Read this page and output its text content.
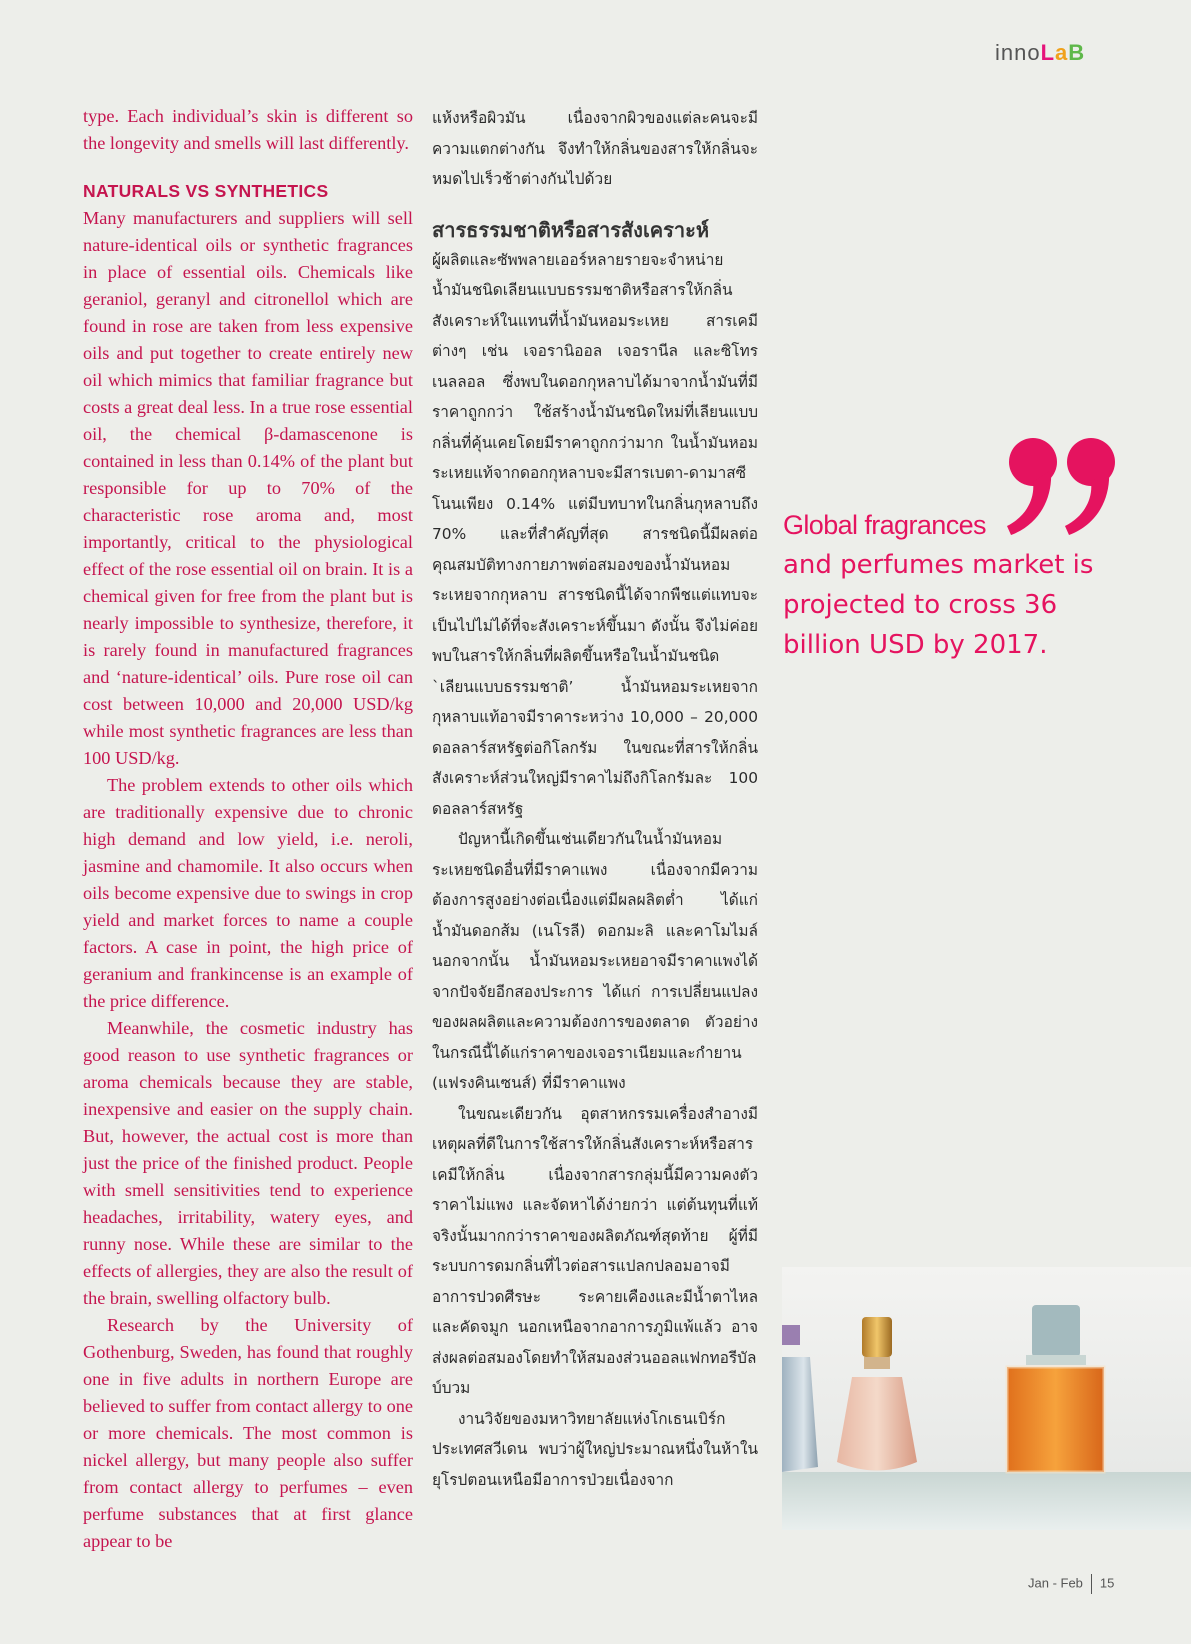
innoLaB

type. Each individual’s skin is different so the longevity and smells will last differently.

NATURALS VS SYNTHETICS

Many manufacturers and suppliers will sell nature-identical oils or synthetic fragrances in place of essential oils. Chemicals like geraniol, geranyl and citronellol which are found in rose are taken from less expensive oils and put together to create entirely new oil which mimics that familiar fragrance but costs a great deal less. In a true rose essential oil, the chemical β-damascenone is contained in less than 0.14% of the plant but responsible for up to 70% of the characteristic rose aroma and, most importantly, critical to the physiological effect of the rose essential oil on brain. It is a chemical given for free from the plant but is nearly impossible to synthesize, therefore, it is rarely found in manufactured fragrances and ‘nature-identical’ oils. Pure rose oil can cost between 10,000 and 20,000 USD/kg while most synthetic fragrances are less than 100 USD/kg.

The problem extends to other oils which are traditionally expensive due to chronic high demand and low yield, i.e. neroli, jasmine and chamomile. It also occurs when oils become expensive due to swings in crop yield and market forces to name a couple factors. A case in point, the high price of geranium and frankincense is an example of the price difference.

Meanwhile, the cosmetic industry has good reason to use synthetic fragrances or aroma chemicals because they are stable, inexpensive and easier on the supply chain. But, however, the actual cost is more than just the price of the finished product. People with smell sensitivities tend to experience headaches, irritability, watery eyes, and runny nose. While these are similar to the effects of allergies, they are also the result of the brain, swelling olfactory bulb.

Research by the University of Gothenburg, Sweden, has found that roughly one in five adults in northern Europe are believed to suffer from contact allergy to one or more chemicals. The most common is nickel allergy, but many people also suffer from contact allergy to perfumes – even perfume substances that at first glance appear to be

แห้งหรือผิวมัน เนื่องจากผิวของแต่ละคนจะมีความแตกต่างกัน จึงทำให้กลิ่นของสารให้กลิ่นจะหมดไปเร็วช้าต่างกันไปด้วย

สารธรรมชาติหรือสารสังเคราะห์

ผู้ผลิตและซัพพลายเออร์หลายรายจะจำหน่ายน้ำมันชนิดเลียนแบบธรรมชาติหรือสารให้กลิ่นสังเคราะห์ในแทนที่น้ำมันหอมระเหย สารเคมีต่างๆ เช่น เจอรานิออล เจอรานีล และซิโทรเนลลอล ซึ่งพบในดอกกุหลาบได้มาจากน้ำมันที่มีราคาถูกกว่า ใช้สร้างน้ำมันชนิดใหม่ที่เลียนแบบกลิ่นที่คุ้นเคยโดยมีราคาถูกกว่ามาก ในน้ำมันหอมระเหยแท้จากดอกกุหลาบจะมีสารเบตา-ดามาสซีโนนเพียง 0.14% แต่มีบทบาทในกลิ่นกุหลาบถึง 70% และที่สำคัญที่สุด สารชนิดนี้มีผลต่อคุณสมบัติทางกายภาพต่อสมองของน้ำมันหอมระเหยจากกุหลาบ สารชนิดนี้ได้จากพืชแต่แทบจะเป็นไปไม่ได้ที่จะสังเคราะห์ขึ้นมา ดังนั้น จึงไม่ค่อยพบในสารให้กลิ่นที่ผลิตขึ้นหรือในน้ำมันชนิด `เลียนแบบธรรมชาติ’ น้ำมันหอมระเหยจากกุหลาบแท้อาจมีราคาระหว่าง 10,000 – 20,000 ดอลลาร์สหรัฐต่อกิโลกรัม ในขณะที่สารให้กลิ่นสังเคราะห์ส่วนใหญ่มีราคาไม่ถึงกิโลกรัมละ 100 ดอลลาร์สหรัฐ

ปัญหานี้เกิดขึ้นเช่นเดียวกันในน้ำมันหอมระเหยชนิดอื่นที่มีราคาแพง เนื่องจากมีความต้องการสูงอย่างต่อเนื่องแต่มีผลผลิตต่ำ ได้แก่ น้ำมันดอกส้ม (เนโรลี) ดอกมะลิ และคาโมไมล์ นอกจากนั้น น้ำมันหอมระเหยอาจมีราคาแพงได้จากปัจจัยอีกสองประการ ได้แก่ การเปลี่ยนแปลงของผลผลิตและความต้องการของตลาด ตัวอย่างในกรณีนี้ได้แก่ราคาของเจอราเนียมและกำยาน (แฟรงคินเซนส์) ที่มีราคาแพง

ในขณะเดียวกัน อุตสาหกรรมเครื่องสำอางมีเหตุผลที่ดีในการใช้สารให้กลิ่นสังเคราะห์หรือสารเคมีให้กลิ่น เนื่องจากสารกลุ่มนี้มีความคงตัว ราคาไม่แพง และจัดหาได้ง่ายกว่า แต่ต้นทุนที่แท้จริงนั้นมากกว่าราคาของผลิตภัณฑ์สุดท้าย ผู้ที่มีระบบการดมกลิ่นที่ไวต่อสารแปลกปลอมอาจมีอาการปวดศีรษะ ระคายเคืองและมีน้ำตาไหล และคัดจมูก นอกเหนือจากอาการภูมิแพ้แล้ว อาจส่งผลต่อสมองโดยทำให้สมองส่วนออลแฟกทอรีบัลบ์บวม

งานวิจัยของมหาวิทยาลัยแห่งโกเธนเบิร์ก ประเทศสวีเดน พบว่าผู้ใหญ่ประมาณหนึ่งในห้าในยุโรปตอนเหนือมีอาการป่วยเนื่องจาก

Global fragrances
and perfumes market is projected to cross 36 billion USD by 2017.
Jan - Feb 15
